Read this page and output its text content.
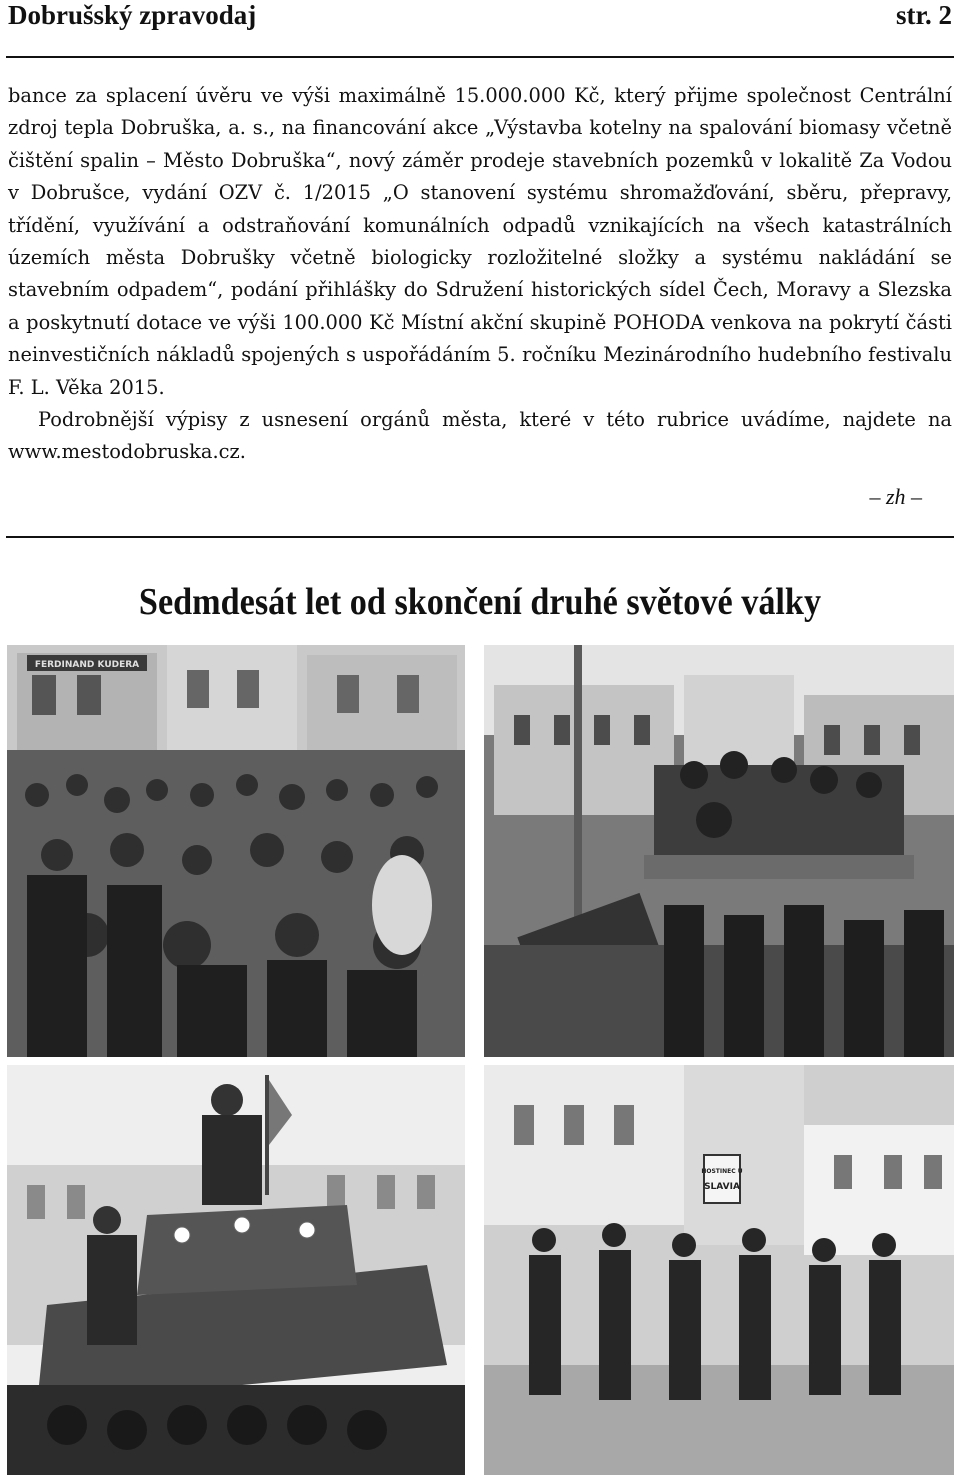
Dobrušský zpravodaj	str. 2

bance za splacení úvěru ve výši maximálně 15.000.000 Kč, který přijme společnost Centrální zdroj tepla Dobruška, a. s., na financování akce „Výstavba kotelny na spalování biomasy včetně čištění spalin – Město Dobruška“, nový záměr prodeje stavebních pozemků v lokalitě Za Vodou v Dobrušce, vydání OZV č. 1/2015 „O stanovení systému shromažďování, sběru, přepravy, třídění, využívání a odstraňování komunálních odpadů vznikajících na všech katastrálních územích města Dobrušky včetně biologicky rozložitelné složky a systému nakládání se stavebním odpadem“, podání přihlášky do Sdružení historických sídel Čech, Moravy a Slezska a poskytnutí dotace ve výši 100.000 Kč Místní akční skupině POHODA venkova na pokrytí části neinvestičních nákladů spojených s uspořádáním 5. ročníku Mezinárodního hudebního festivalu F. L. Věka 2015.

Podrobnější výpisy z usnesení orgánů města, které v této rubrice uvádíme, najdete na www.mestodobruska.cz.

– zh –
Sedmdesát let od skončení druhé světové války
FERDINAND KUDERA
HOSTINEC U
SLAVIA
